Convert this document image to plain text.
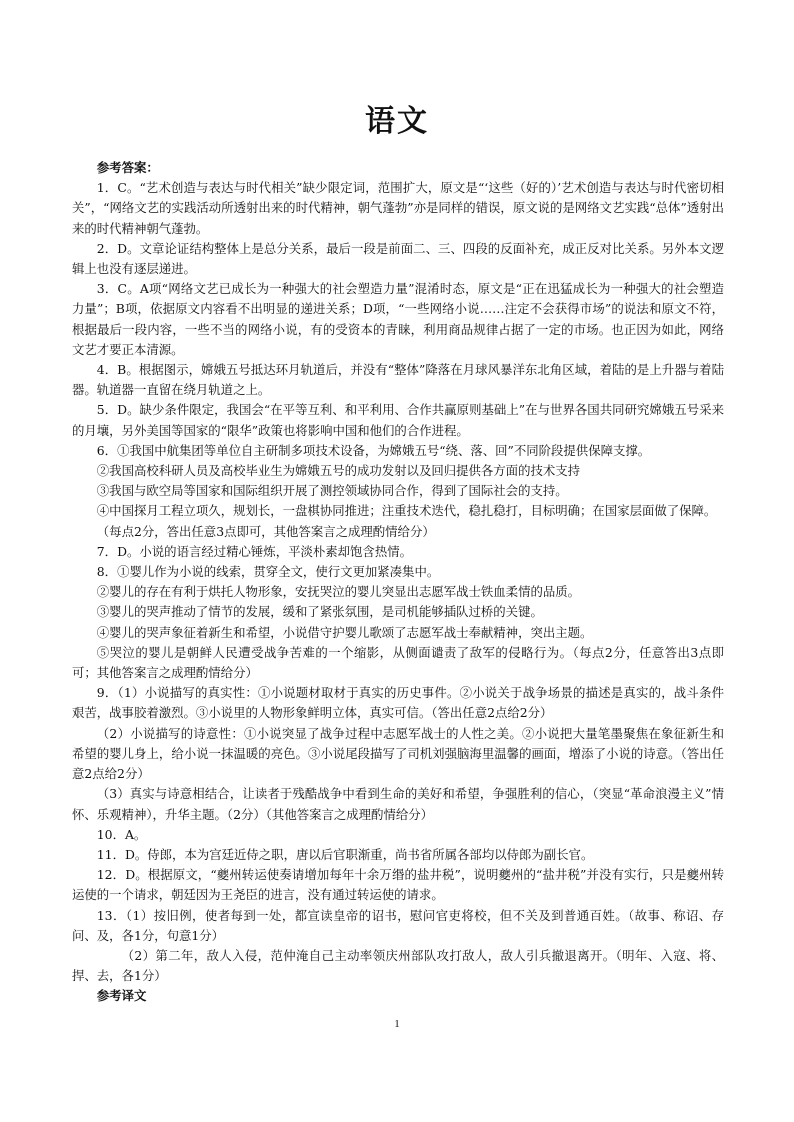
语文

参考答案：

1．C。“艺术创造与表达与时代相关”缺少限定词，范围扩大，原文是“‘这些（好的）’艺术创造与表达与时代密切相关”，“网络文艺的实践活动所透射出来的时代精神，朝气蓬勃”亦是同样的错误，原文说的是网络文艺实践“总体”透射出来的时代精神朝气蓬勃。

2．D。文章论证结构整体上是总分关系，最后一段是前面二、三、四段的反面补充，成正反对比关系。另外本文逻辑上也没有逐层递进。

3．C。A项“网络文艺已成长为一种强大的社会塑造力量”混淆时态，原文是“正在迅猛成长为一种强大的社会塑造力量”；B项，依据原文内容看不出明显的递进关系；D项，“一些网络小说……注定不会获得市场”的说法和原文不符，根据最后一段内容，一些不当的网络小说，有的受资本的青睐，利用商品规律占据了一定的市场。也正因为如此，网络文艺才要正本清源。

4．B。根据图示，嫦娥五号抵达环月轨道后，并没有“整体”降落在月球风暴洋东北角区域，着陆的是上升器与着陆器。轨道器一直留在绕月轨道之上。

5．D。缺少条件限定，我国会“在平等互利、和平利用、合作共赢原则基础上”在与世界各国共同研究嫦娥五号采来的月壤，另外美国等国家的“限华”政策也将影响中国和他们的合作进程。

6．①我国中航集团等单位自主研制多项技术设备，为嫦娥五号“绕、落、回”不同阶段提供保障支撑。

②我国高校科研人员及高校毕业生为嫦娥五号的成功发射以及回归提供各方面的技术支持

③我国与欧空局等国家和国际组织开展了测控领域协同合作，得到了国际社会的支持。

④中国探月工程立项久，规划长，一盘棋协同推进；注重技术迭代，稳扎稳打，目标明确；在国家层面做了保障。

（每点2分，答出任意3点即可，其他答案言之成理酌情给分）

7．D。小说的语言经过精心锤炼，平淡朴素却饱含热情。

8．①婴儿作为小说的线索，贯穿全文，使行文更加紧凑集中。

②婴儿的存在有利于烘托人物形象，安抚哭泣的婴儿突显出志愿军战士铁血柔情的品质。

③婴儿的哭声推动了情节的发展，缓和了紧张氛围，是司机能够插队过桥的关键。

④婴儿的哭声象征着新生和希望，小说借守护婴儿歌颂了志愿军战士奉献精神，突出主题。

⑤哭泣的婴儿是朝鲜人民遭受战争苦难的一个缩影，从侧面谴责了敌军的侵略行为。（每点2分，任意答出3点即可；其他答案言之成理酌情给分）

9．（1）小说描写的真实性：①小说题材取材于真实的历史事件。②小说关于战争场景的描述是真实的，战斗条件艰苦，战事胶着激烈。③小说里的人物形象鲜明立体，真实可信。（答出任意2点给2分）

（2）小说描写的诗意性：①小说突显了战争过程中志愿军战士的人性之美。②小说把大量笔墨聚焦在象征新生和希望的婴儿身上，给小说一抹温暖的亮色。③小说尾段描写了司机刘强脑海里温馨的画面，增添了小说的诗意。（答出任意2点给2分）

（3）真实与诗意相结合，让读者于残酷战争中看到生命的美好和希望，争强胜利的信心，（突显“革命浪漫主义”情怀、乐观精神），升华主题。（2分）（其他答案言之成理酌情给分）

10．A。

11．D。侍郎，本为宫廷近侍之职，唐以后官职渐重，尚书省所属各部均以侍郎为副长官。

12．D。根据原文，“夔州转运使奏请增加每年十余万缗的盐井税”，说明夔州的“盐井税”并没有实行，只是夔州转运使的一个请求，朝廷因为王尧臣的进言，没有通过转运使的请求。

13．（1）按旧例，使者每到一处，都宣读皇帝的诏书，慰问官吏将校，但不关及到普通百姓。（故事、称诏、存问、及，各1分，句意1分）

（2）第二年，敌人入侵，范仲淹自己主动率领庆州部队攻打敌人，敌人引兵撤退离开。（明年、入寇、将、捍、去，各1分）

参考译文

1
